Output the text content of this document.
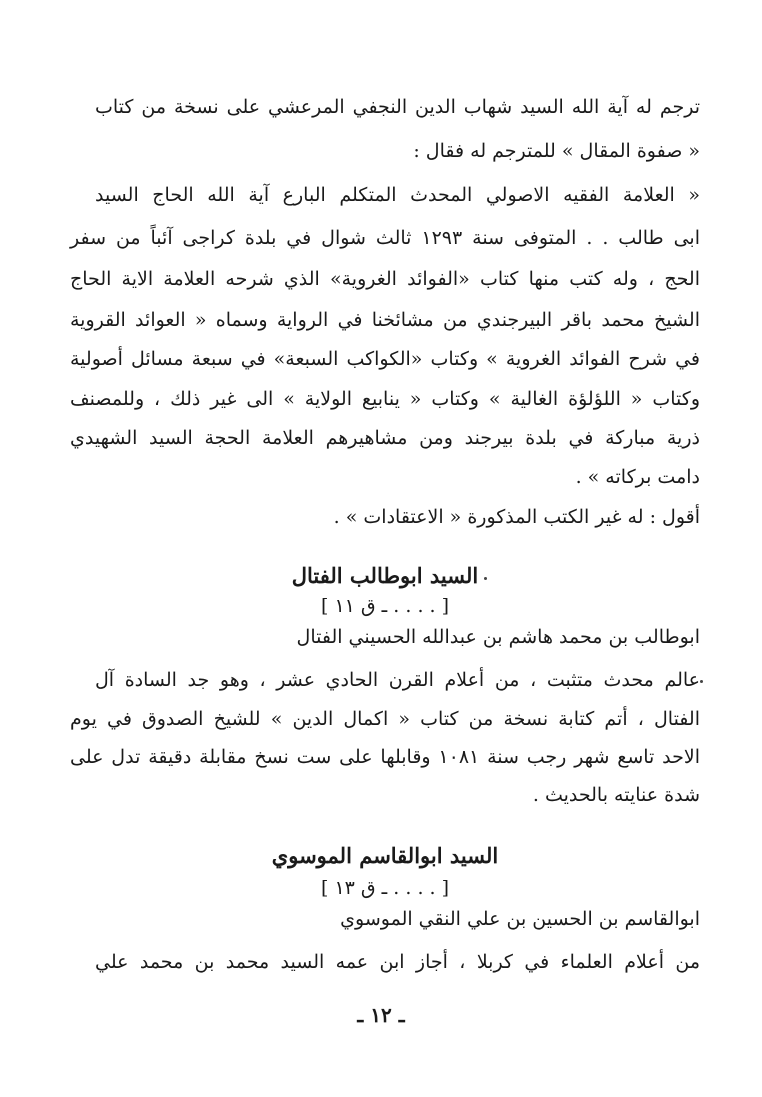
ترجم له آية الله السيد شهاب الدين النجفي المرعشي على نسخة من كتاب
« صفوة المقال » للمترجم له فقال :
« العلامة الفقيه الاصولي المحدث المتكلم البارع آية الله الحاج السيد
ابى طالب . . المتوفى سنة ١٢٩٣ ثالث شوال في بلدة كراجى آئباً من سفر
الحج ، وله كتب منها كتاب «الفوائد الغروية» الذي شرحه العلامة الاية الحاج
الشيخ محمد باقر البيرجندي من مشائخنا في الرواية وسماه « العوائد القروية
في شرح الفوائد الغروية » وكتاب «الكواكب السبعة» في سبعة مسائل أصولية
وكتاب « اللؤلؤة الغالية » وكتاب « ينابيع الولاية » الى غير ذلك ، وللمصنف
ذرية مباركة في بلدة بيرجند ومن مشاهيرهم العلامة الحجة السيد الشهيدي
دامت بركاته » .
أقول : له غير الكتب المذكورة « الاعتقادات » .
السيد ابوطالب الفتال
[ . . . . ـ ق ١١ ]
ابوطالب بن محمد هاشم بن عبدالله الحسيني الفتال
عالم محدث متثبت ، من أعلام القرن الحادي عشر ، وهو جد السادة آل
الفتال ، أتم كتابة نسخة من كتاب « اكمال الدين » للشيخ الصدوق في يوم
الاحد تاسع شهر رجب سنة ١٠٨١ وقابلها على ست نسخ مقابلة دقيقة تدل على
شدة عنايته بالحديث .
السيد ابوالقاسم الموسوي
[ . . . . ـ ق ١٣ ]
ابوالقاسم بن الحسين بن علي النقي الموسوي
من أعلام العلماء في كربلا ، أجاز ابن عمه السيد محمد بن محمد علي
ـ ١٢ ـ
